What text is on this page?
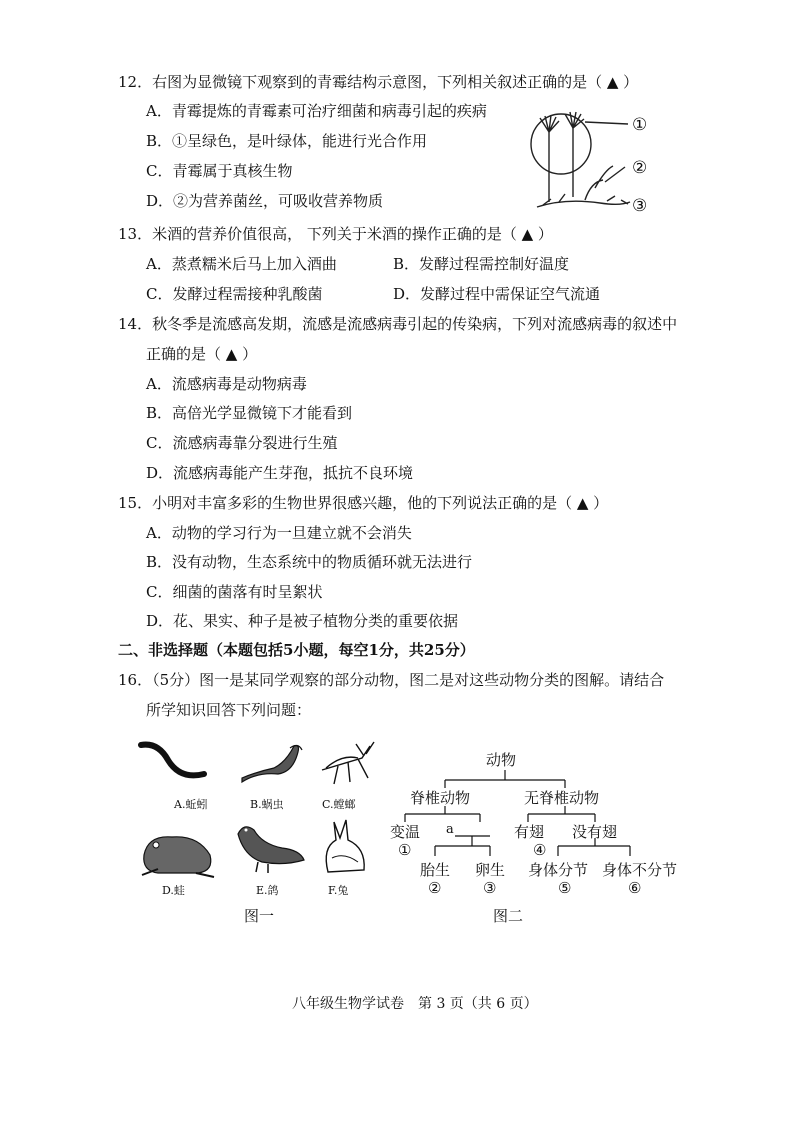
12．右图为显微镜下观察到的青霉结构示意图，下列相关叙述正确的是（ ▲ ）
A．青霉提炼的青霉素可治疗细菌和病毒引起的疾病
B．①呈绿色，是叶绿体，能进行光合作用
C．青霉属于真核生物
D．②为营养菌丝，可吸收营养物质
①
②
③
13．米酒的营养价值很高， 下列关于米酒的操作正确的是（ ▲ ）
A．蒸煮糯米后马上加入酒曲	B．发酵过程需控制好温度
C．发酵过程需接种乳酸菌	D．发酵过程中需保证空气流通
14．秋冬季是流感高发期，流感是流感病毒引起的传染病，下列对流感病毒的叙述中
正确的是（ ▲ ）
A．流感病毒是动物病毒
B．高倍光学显微镜下才能看到
C．流感病毒靠分裂进行生殖
D．流感病毒能产生芽孢，抵抗不良环境
15．小明对丰富多彩的生物世界很感兴趣，他的下列说法正确的是（ ▲ ）
A．动物的学习行为一旦建立就不会消失
B．没有动物，生态系统中的物质循环就无法进行
C．细菌的菌落有时呈絮状
D．花、果实、种子是被子植物分类的重要依据
二、非选择题（本题包括5小题，每空1分，共25分）
16．（5分）图一是某同学观察的部分动物，图二是对这些动物分类的图解。请结合
所学知识回答下列问题：
A.蚯蚓	B.蜗虫	C.螳螂
D.蛙	E.鸽	F.兔
图一
动物
脊椎动物	无脊椎动物
变温 a
①
胎生 卵生
②	③
有翅 没有翅
④
身体分节 身体不分节
⑤	⑥
图二
八年级生物学试卷　第 3 页（共 6 页）
